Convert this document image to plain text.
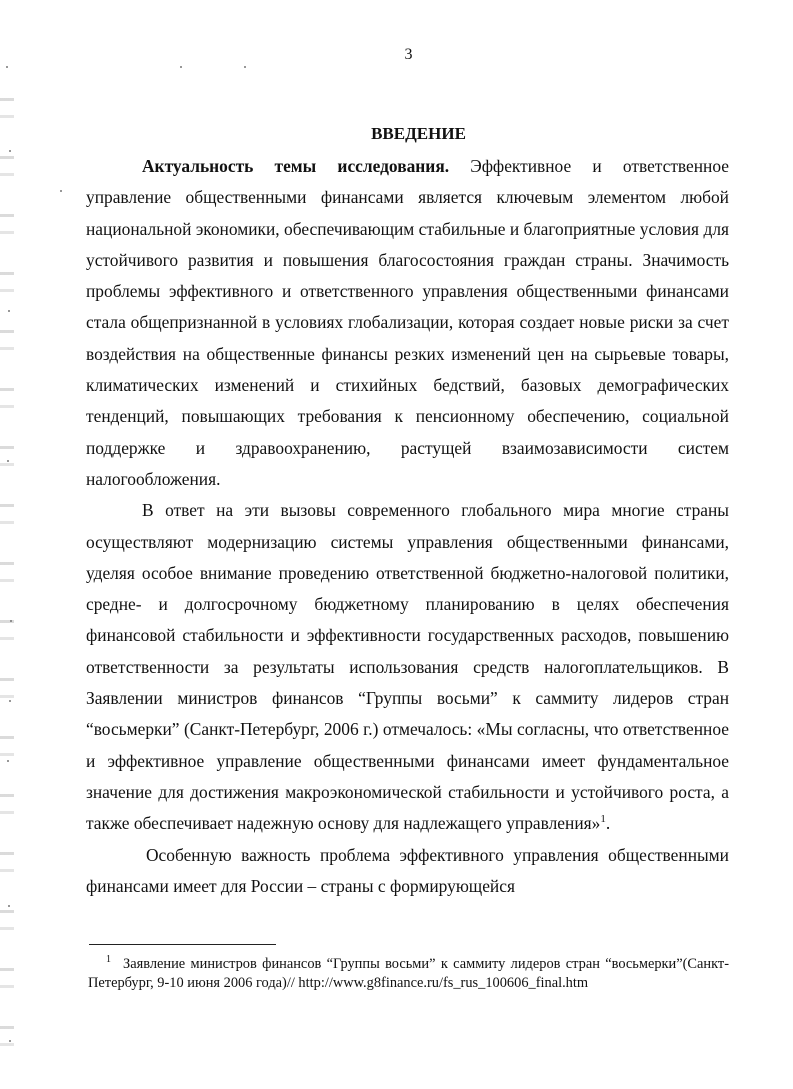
3
ВВЕДЕНИЕ

Актуальность темы исследования. Эффективное и ответственное управление общественными финансами является ключевым элементом любой национальной экономики, обеспечивающим стабильные и благоприятные условия для устойчивого развития и повышения благосостояния граждан страны. Значимость проблемы эффективного и ответственного управления общественными финансами стала общепризнанной в условиях глобализации, которая создает новые риски за счет воздействия на общественные финансы резких изменений цен на сырьевые товары, климатических изменений и стихийных бедствий, базовых демографических тенденций, повышающих требования к пенсионному обеспечению, социальной поддержке и здравоохранению, растущей взаимозависимости систем налогообложения.

В ответ на эти вызовы современного глобального мира многие страны осуществляют модернизацию системы управления общественными финансами, уделяя особое внимание проведению ответственной бюджетно-налоговой политики, средне- и долгосрочному бюджетному планированию в целях обеспечения финансовой стабильности и эффективности государственных расходов, повышению ответственности за результаты использования средств налогоплательщиков. В Заявлении министров финансов “Группы восьми” к саммиту лидеров стран “восьмерки” (Санкт-Петербург, 2006 г.) отмечалось: «Мы согласны, что ответственное и эффективное управление общественными финансами имеет фундаментальное значение для достижения макроэкономической стабильности и устойчивого роста, а также обеспечивает надежную основу для надлежащего управления»$^1$.

Особенную важность проблема эффективного управления общественными финансами имеет для России – страны с формирующейся

$^1$ Заявление министров финансов “Группы восьми” к саммиту лидеров стран “восьмерки”(Санкт-Петербург, 9-10 июня 2006 года)// http://www.g8finance.ru/fs_rus_100606_final.htm
